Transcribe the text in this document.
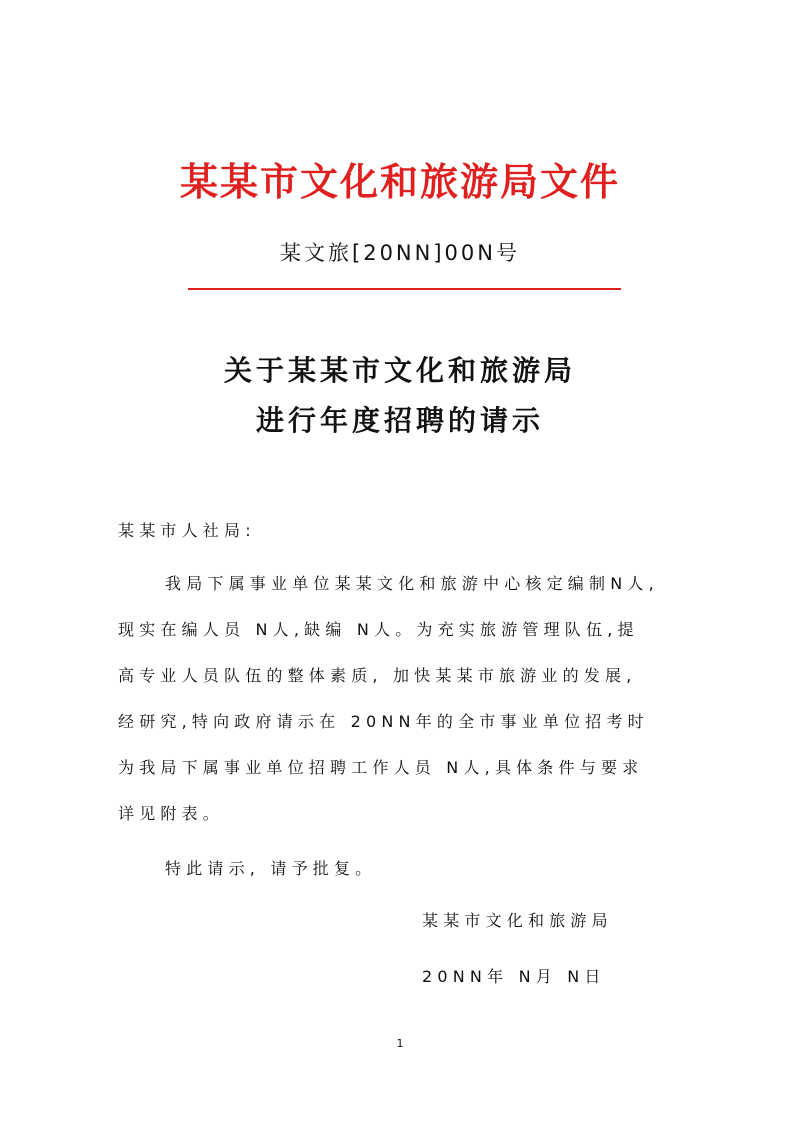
某某市文化和旅游局文件
某文旅[20NN]00N号
关于某某市文化和旅游局
进行年度招聘的请示
某某市人社局:
我局下属事业单位某某文化和旅游中心核定编制N人,
现实在编人员 N人,缺编 N人。为充实旅游管理队伍,提
高专业人员队伍的整体素质, 加快某某市旅游业的发展,
经研究,特向政府请示在 20NN年的全市事业单位招考时
为我局下属事业单位招聘工作人员 N人,具体条件与要求
详见附表。
特此请示, 请予批复。
某某市文化和旅游局
20NN年 N月 N日
1
